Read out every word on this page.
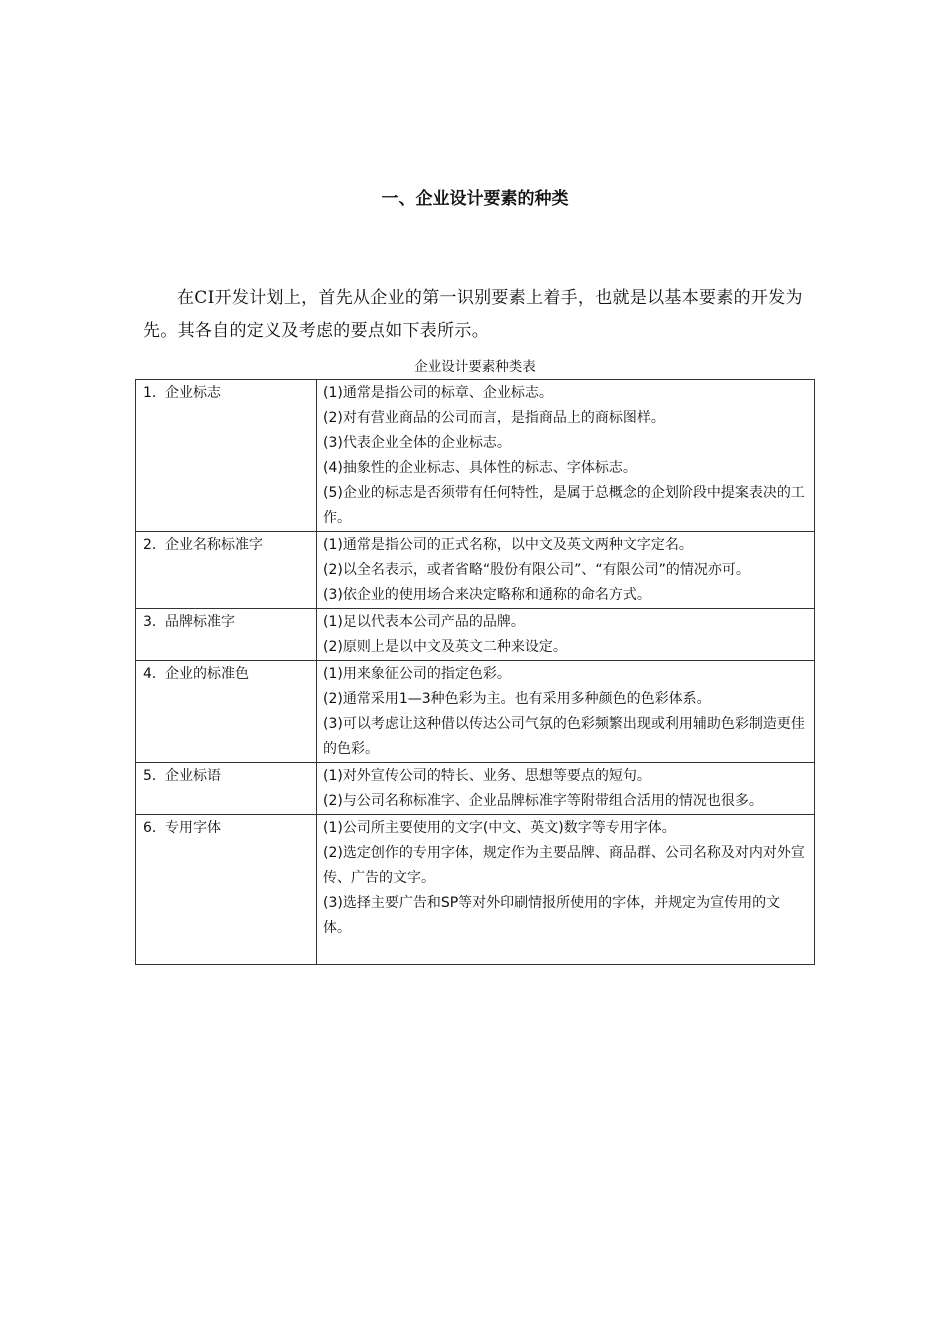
一、企业设计要素的种类

在CI开发计划上，首先从企业的第一识别要素上着手，也就是以基本要素的开发为先。其各自的定义及考虑的要点如下表所示。

企业设计要素种类表
1．企业标志	(1)通常是指公司的标章、企业标志。
(2)对有营业商品的公司而言，是指商品上的商标图样。
(3)代表企业全体的企业标志。
(4)抽象性的企业标志、具体性的标志、字体标志。
(5)企业的标志是否须带有任何特性，是属于总概念的企划阶段中提案表决的工作。

2．企业名称标准字	(1)通常是指公司的正式名称，以中文及英文两种文字定名。
(2)以全名表示，或者省略“股份有限公司”、“有限公司”的情况亦可。
(3)依企业的使用场合来决定略称和通称的命名方式。

3．品牌标准字	(1)足以代表本公司产品的品牌。
(2)原则上是以中文及英文二种来设定。

4．企业的标准色	(1)用来象征公司的指定色彩。
(2)通常采用1—3种色彩为主。也有采用多种颜色的色彩体系。
(3)可以考虑让这种借以传达公司气氛的色彩频繁出现或利用辅助色彩制造更佳的色彩。

5．企业标语	(1)对外宣传公司的特长、业务、思想等要点的短句。
(2)与公司名称标准字、企业品牌标准字等附带组合活用的情况也很多。

6．专用字体	(1)公司所主要使用的文字(中文、英文)数字等专用字体。
(2)选定创作的专用字体，规定作为主要品牌、商品群、公司名称及对内对外宣传、广告的文字。
(3)选择主要广告和SP等对外印刷情报所使用的字体，并规定为宣传用的文体。
